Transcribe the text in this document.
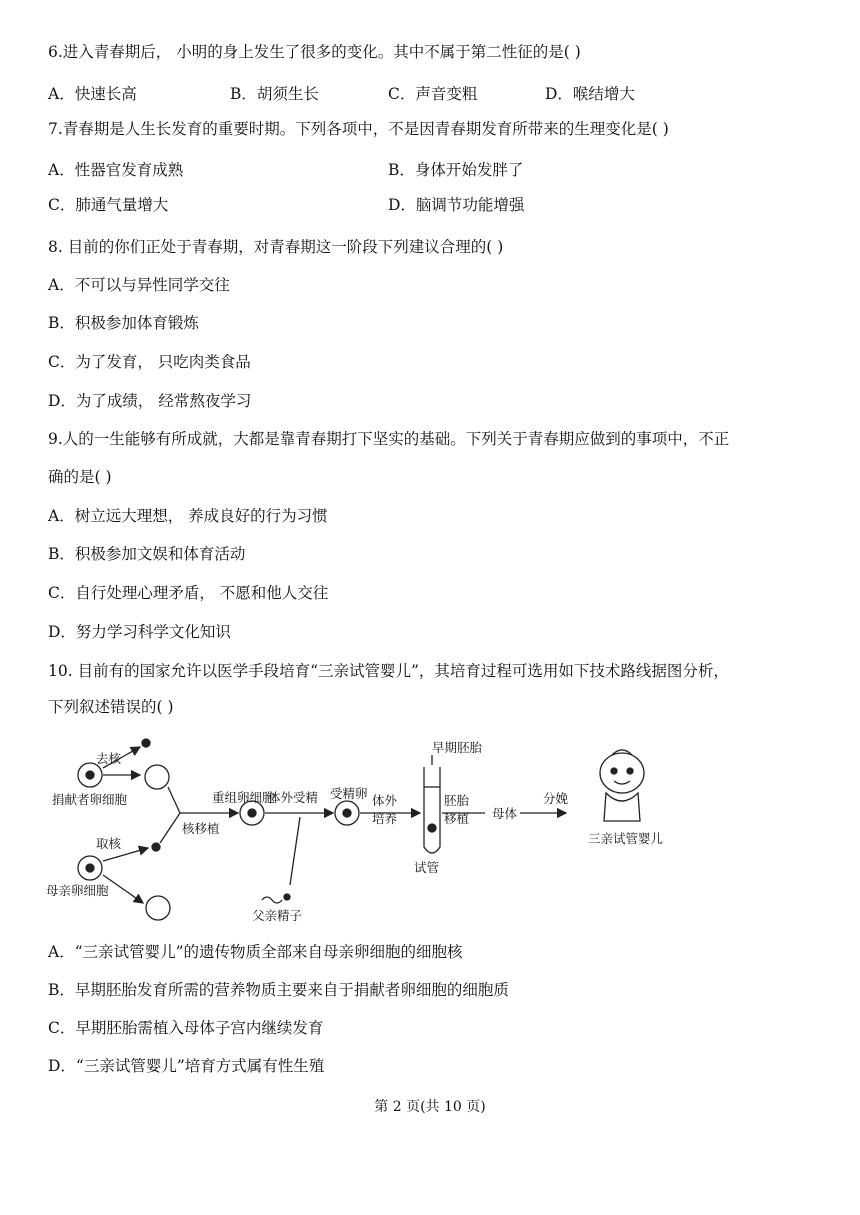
6.进入青春期后， 小明的身上发生了很多的变化。其中不属于第二性征的是( )
A．快速长高	B．胡须生长	C．声音变粗	D．喉结增大
7.青春期是人生长发育的重要时期。下列各项中，不是因青春期发育所带来的生理变化是( )
A．性器官发育成熟	B．身体开始发胖了
C．肺通气量增大	D．脑调节功能增强
8. 目前的你们正处于青春期，对青春期这一阶段下列建议合理的( )
A．不可以与异性同学交往
B．积极参加体育锻炼
C．为了发育， 只吃肉类食品
D．为了成绩， 经常熬夜学习
9.人的一生能够有所成就，大都是靠青春期打下坚实的基础。下列关于青春期应做到的事项中，不正
确的是( )
A．树立远大理想， 养成良好的行为习惯
B．积极参加文娱和体育活动
C．自行处理心理矛盾， 不愿和他人交往
D．努力学习科学文化知识
10. 目前有的国家允许以医学手段培育“三亲试管婴儿”，其培育过程可选用如下技术路线据图分析，
下列叙述错误的( )
去核
捐献者卵细胞
核移植
重组卵细胞
体外受精 受精卵 体外
培养
早期胚胎
胚胎
移植 母体
分娩
三亲试管婴儿
试管
取核
母亲卵细胞
父亲精子
A．“三亲试管婴儿”的遗传物质全部来自母亲卵细胞的细胞核
B．早期胚胎发育所需的营养物质主要来自于捐献者卵细胞的细胞质
C．早期胚胎需植入母体子宫内继续发育
D．“三亲试管婴儿”培育方式属有性生殖
第 2 页(共 10 页)
